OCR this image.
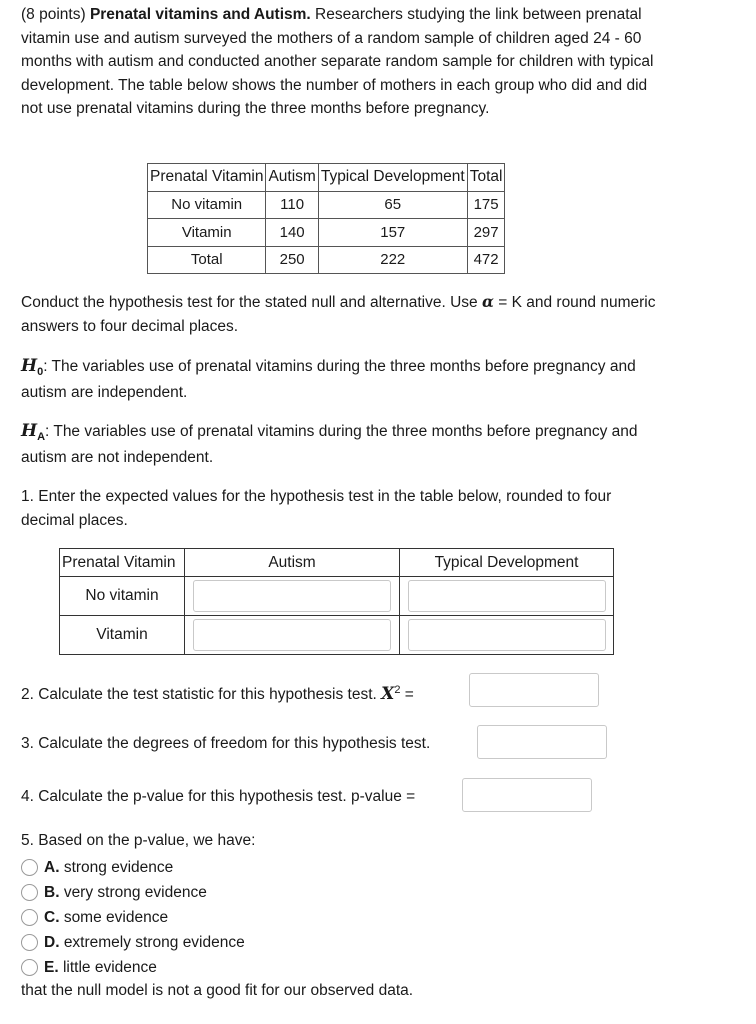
(8 points) Prenatal vitamins and Autism. Researchers studying the link between prenatal vitamin use and autism surveyed the mothers of a random sample of children aged 24 - 60 months with autism and conducted another separate random sample for children with typical development. The table below shows the number of mothers in each group who did and did not use prenatal vitamins during the three months before pregnancy.
Prenatal Vitamin	Autism	Typical Development	Total
No vitamin	110	65	175
Vitamin	140	157	297
Total	250	222	472
Conduct the hypothesis test for the stated null and alternative. Use α = K and round numeric answers to four decimal places.
$H_0$: The variables use of prenatal vitamins during the three months before pregnancy and autism are independent.
$H_A$: The variables use of prenatal vitamins during the three months before pregnancy and autism are not independent.
1. Enter the expected values for the hypothesis test in the table below, rounded to four decimal places.
Prenatal Vitamin	Autism	Typical Development
No vitamin	

Vitamin	

2. Calculate the test statistic for this hypothesis test. $X^2$ =
3. Calculate the degrees of freedom for this hypothesis test.
4. Calculate the p-value for this hypothesis test. p-value =
5. Based on the p-value, we have:
A. strong evidence
B. very strong evidence
C. some evidence
D. extremely strong evidence
E. little evidence
that the null model is not a good fit for our observed data.
